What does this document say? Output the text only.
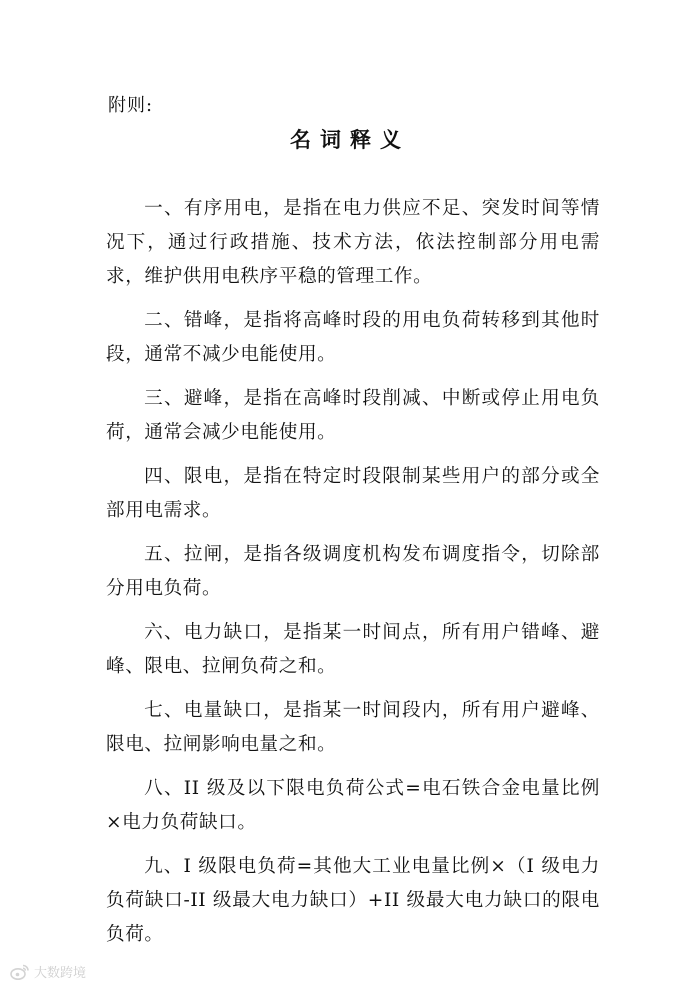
附则:
名词释义

一、有序用电，是指在电力供应不足、突发时间等情况下，通过行政措施、技术方法，依法控制部分用电需求，维护供用电秩序平稳的管理工作。

二、错峰，是指将高峰时段的用电负荷转移到其他时段，通常不减少电能使用。

三、避峰，是指在高峰时段削减、中断或停止用电负荷，通常会减少电能使用。

四、限电，是指在特定时段限制某些用户的部分或全部用电需求。

五、拉闸，是指各级调度机构发布调度指令，切除部分用电负荷。

六、电力缺口，是指某一时间点，所有用户错峰、避峰、限电、拉闸负荷之和。

七、电量缺口，是指某一时间段内，所有用户避峰、限电、拉闸影响电量之和。

八、II 级及以下限电负荷公式=电石铁合金电量比例×电力负荷缺口。

九、I 级限电负荷=其他大工业电量比例×（I 级电力负荷缺口-II 级最大电力缺口）+II 级最大电力缺口的限电负荷。

大数跨境
